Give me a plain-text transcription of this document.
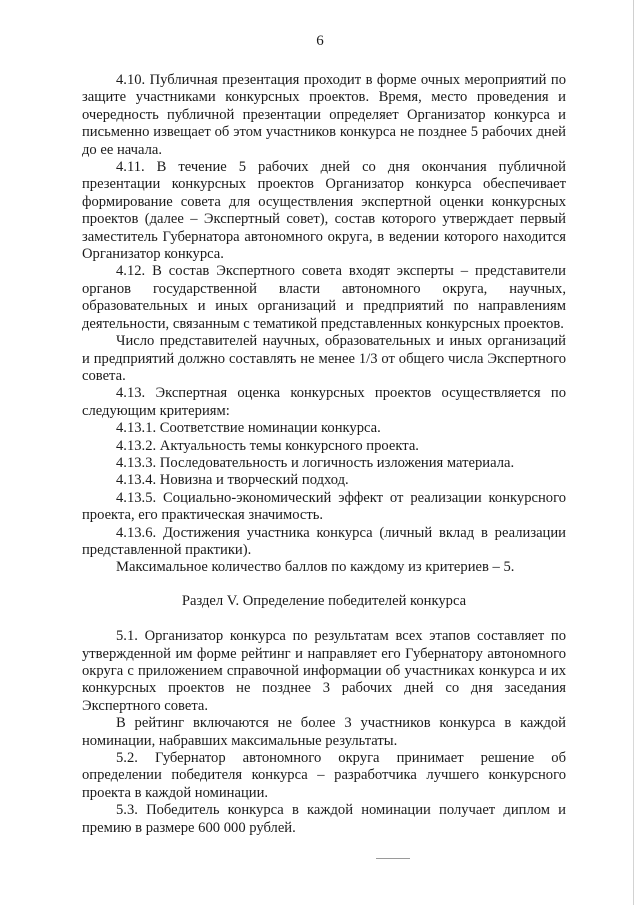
6

4.10. Публичная презентация проходит в форме очных мероприятий по защите участниками конкурсных проектов. Время, место проведения и очередность публичной презентации определяет Организатор конкурса и письменно извещает об этом участников конкурса не позднее 5 рабочих дней до ее начала.

4.11. В течение 5 рабочих дней со дня окончания публичной презентации конкурсных проектов Организатор конкурса обеспечивает формирование совета для осуществления экспертной оценки конкурсных проектов (далее – Экспертный совет), состав которого утверждает первый заместитель Губернатора автономного округа, в ведении которого находится Организатор конкурса.

4.12. В состав Экспертного совета входят эксперты – представители органов государственной власти автономного округа, научных, образовательных и иных организаций и предприятий по направлениям деятельности, связанным с тематикой представленных конкурсных проектов.

Число представителей научных, образовательных и иных организаций и предприятий должно составлять не менее 1/3 от общего числа Экспертного совета.

4.13. Экспертная оценка конкурсных проектов осуществляется по следующим критериям:

4.13.1. Соответствие номинации конкурса.

4.13.2. Актуальность темы конкурсного проекта.

4.13.3. Последовательность и логичность изложения материала.

4.13.4. Новизна и творческий подход.

4.13.5. Социально-экономический эффект от реализации конкурсного проекта, его практическая значимость.

4.13.6. Достижения участника конкурса (личный вклад в реализации представленной практики).

Максимальное количество баллов по каждому из критериев – 5.

Раздел V. Определение победителей конкурса

5.1. Организатор конкурса по результатам всех этапов составляет по утвержденной им форме рейтинг и направляет его Губернатору автономного округа с приложением справочной информации об участниках конкурса и их конкурсных проектов не позднее 3 рабочих дней со дня заседания Экспертного совета.

В рейтинг включаются не более 3 участников конкурса в каждой номинации, набравших максимальные результаты.

5.2. Губернатор автономного округа принимает решение об определении победителя конкурса – разработчика лучшего конкурсного проекта в каждой номинации.

5.3. Победитель конкурса в каждой номинации получает диплом и премию в размере 600 000 рублей.
